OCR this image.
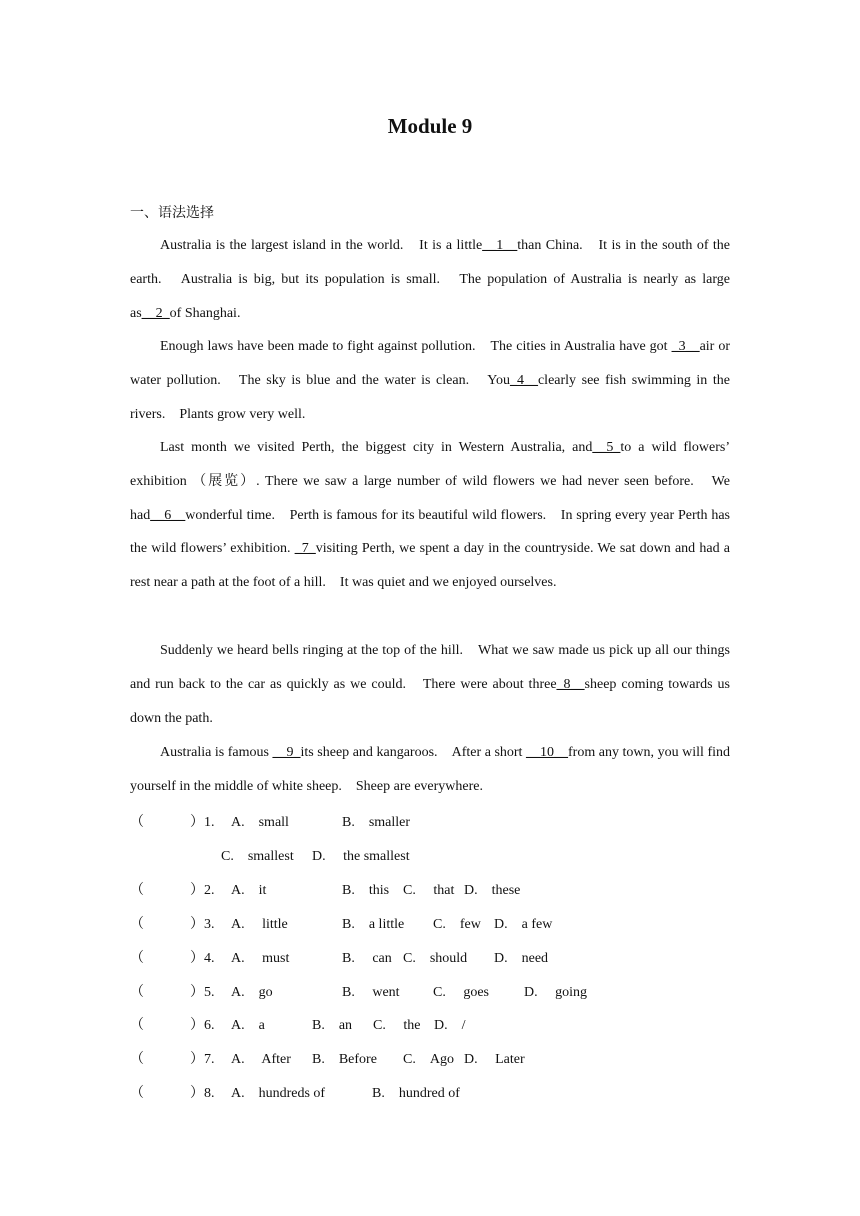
Module 9
一、语法选择

Australia is the largest island in the world.　It is a little__1__than China.　It is in the south of the earth.　Australia is big, but its population is small.　The population of Australia is nearly as large as__2_of Shanghai.

Enough laws have been made to fight against pollution.　The cities in Australia have got _3__air or water pollution.　The sky is blue and the water is clean.　You_4__clearly see fish swimming in the rivers.　Plants grow very well.

Last month we visited Perth, the biggest city in Western Australia, and__5_to a wild flowers’ exhibition （展览）. There we saw a large number of wild flowers we had never seen before.　We had__6__wonderful time.　Perth is famous for its beautiful wild flowers.　In spring every year Perth has the wild flowers’ exhibition. _7_visiting Perth, we spent a day in the countryside. We sat down and had a rest near a path at the foot of a hill.　It was quiet and we enjoyed ourselves.

Suddenly we heard bells ringing at the top of the hill.　What we saw made us pick up all our things and run back to the car as quickly as we could.　There were about three_8__sheep coming towards us down the path.

Australia is famous __9_its sheep and kangaroos.　After a short __10__from any town, you will find yourself in the middle of white sheep.　Sheep are everywhere.

（	）1. A.　small	B.　smaller
C.　smallest D.　 the smallest
（	）2. A.　it	B.　this C.　 that D.　these
（	）3. A.　 little	B.　a little C.　few D.　a few
（	）4. A.　 must	B.　 can C.　should D.　need
（	）5. A.　go	B.　 went C.　 goes	D.　 going
（	）6. A.　a	B.　an C.　 the D.　/
（	）7. A.　 After B.　Before C.　Ago D.　 Later
（	）8. A.　hundreds of	B.　hundred of
